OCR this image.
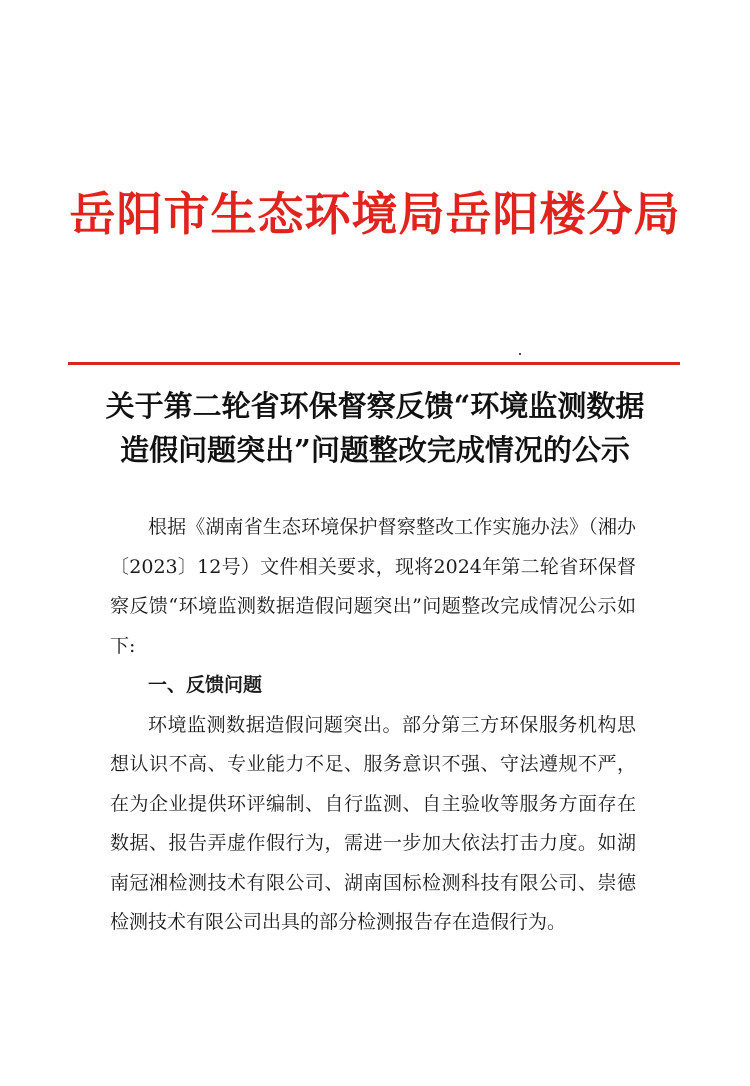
岳阳市生态环境局岳阳楼分局
关于第二轮省环保督察反馈“环境监测数据
造假问题突出”问题整改完成情况的公示

根据《湖南省生态环境保护督察整改工作实施办法》（湘办〔2023〕12号）文件相关要求，现将2024年第二轮省环保督察反馈“环境监测数据造假问题突出”问题整改完成情况公示如下:

一、反馈问题

环境监测数据造假问题突出。部分第三方环保服务机构思想认识不高、专业能力不足、服务意识不强、守法遵规不严，在为企业提供环评编制、自行监测、自主验收等服务方面存在数据、报告弄虚作假行为，需进一步加大依法打击力度。如湖南冠湘检测技术有限公司、湖南国标检测科技有限公司、崇德检测技术有限公司出具的部分检测报告存在造假行为。
